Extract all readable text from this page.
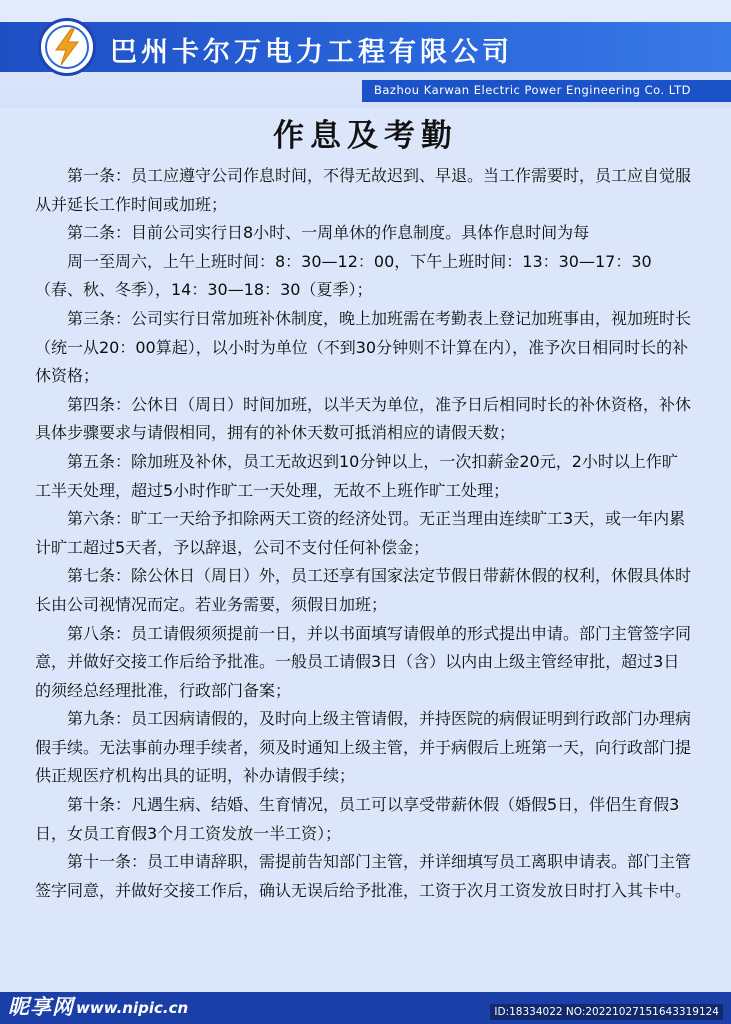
巴州卡尔万电力工程有限公司
Bazhou Karwan Electric Power Engineering Co. LTD
作息及考勤

第一条：员工应遵守公司作息时间，不得无故迟到、早退。当工作需要时，员工应自觉服从并延长工作时间或加班；

第二条：目前公司实行日8小时、一周单休的作息制度。具体作息时间为每

周一至周六，上午上班时间：8：30—12：00，下午上班时间：13：30—17：30（春、秋、冬季），14：30—18：30（夏季）；

第三条：公司实行日常加班补休制度，晚上加班需在考勤表上登记加班事由，视加班时长（统一从20：00算起），以小时为单位（不到30分钟则不计算在内），准予次日相同时长的补休资格；

第四条：公休日（周日）时间加班，以半天为单位，准予日后相同时长的补休资格，补休具体步骤要求与请假相同，拥有的补休天数可抵消相应的请假天数；

第五条：除加班及补休，员工无故迟到10分钟以上，一次扣薪金20元，2小时以上作旷工半天处理，超过5小时作旷工一天处理，无故不上班作旷工处理；

第六条：旷工一天给予扣除两天工资的经济处罚。无正当理由连续旷工3天，或一年内累计旷工超过5天者，予以辞退，公司不支付任何补偿金；

第七条：除公休日（周日）外，员工还享有国家法定节假日带薪休假的权利，休假具体时长由公司视情况而定。若业务需要，须假日加班；

第八条：员工请假须须提前一日，并以书面填写请假单的形式提出申请。部门主管签字同意，并做好交接工作后给予批准。一般员工请假3日（含）以内由上级主管经审批，超过3日的须经总经理批准，行政部门备案；

第九条：员工因病请假的，及时向上级主管请假，并持医院的病假证明到行政部门办理病假手续。无法事前办理手续者，须及时通知上级主管，并于病假后上班第一天，向行政部门提供正规医疗机构出具的证明，补办请假手续；

第十条：凡遇生病、结婚、生育情况，员工可以享受带薪休假（婚假5日，伴侣生育假3日，女员工育假3个月工资发放一半工资）；

第十一条：员工申请辞职，需提前告知部门主管，并详细填写员工离职申请表。部门主管签字同意，并做好交接工作后，确认无误后给予批准，工资于次月工资发放日时打入其卡中。

昵享网 www.nipic.cn	ID:18334022 NO:20221027151643319124
